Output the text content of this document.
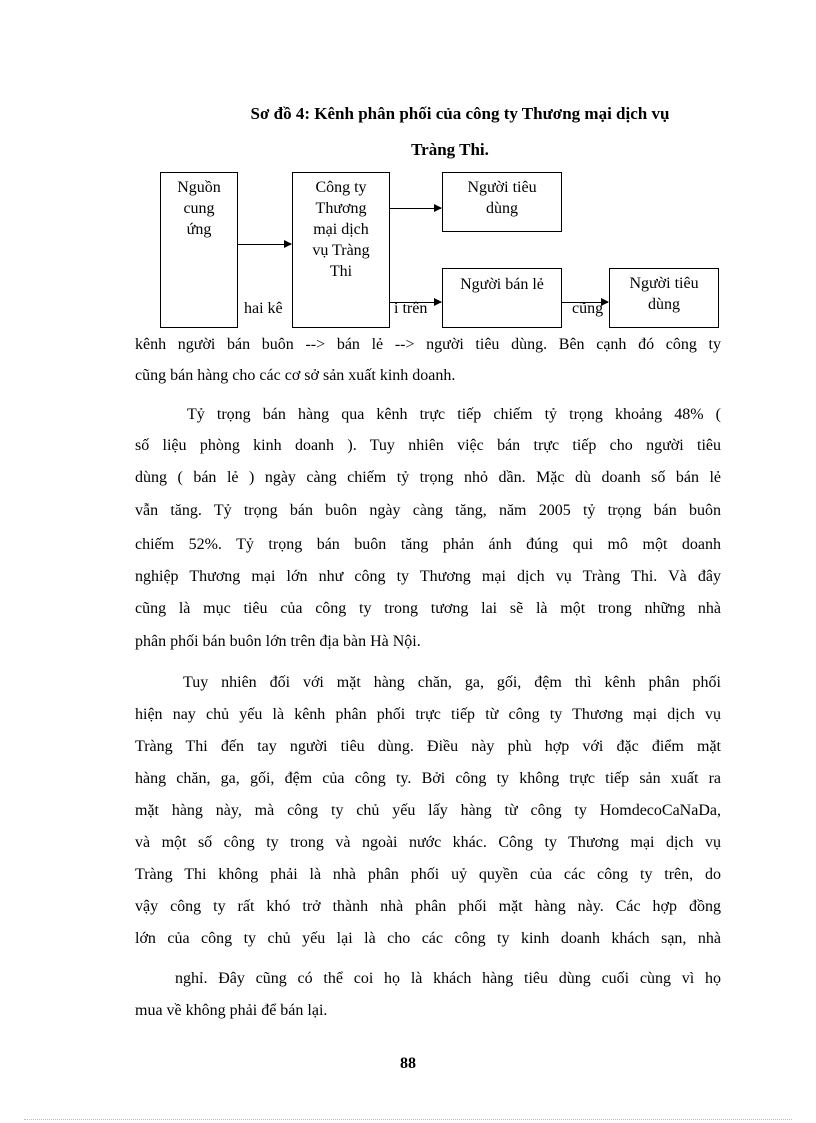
Sơ đồ 4: Kênh phân phối của công ty Thương mại dịch vụ
Tràng Thi.
Nguồn
cung
ứng
Công ty
Thương
mại dịch
vụ Tràng
Thi
Người tiêu
dùng
Người bán lẻ	Người tiêu
dùng
hai kê	i trên	cũng
kênh người bán buôn --> bán lẻ --> người tiêu dùng. Bên cạnh đó công ty
cũng bán hàng cho các cơ sở sản xuất kinh doanh.
Tỷ trọng bán hàng qua kênh trực tiếp chiếm tỷ trọng khoảng 48% (
số liệu phòng kinh doanh ). Tuy nhiên việc bán trực tiếp cho người tiêu
dùng ( bán lẻ ) ngày càng chiếm tỷ trọng nhỏ dần. Mặc dù doanh số bán lẻ
vẫn tăng. Tỷ trọng bán buôn ngày càng tăng, năm 2005 tỷ trọng bán buôn
chiếm 52%. Tỷ trọng bán buôn tăng phản ánh đúng qui mô một doanh
nghiệp Thương mại lớn như công ty Thương mại dịch vụ Tràng Thi. Và đây
cũng là mục tiêu của công ty trong tương lai sẽ là một trong những nhà
phân phối bán buôn lớn trên địa bàn Hà Nội.
Tuy nhiên đối với mặt hàng chăn, ga, gối, đệm thì kênh phân phối
hiện nay chủ yếu là kênh phân phối trực tiếp từ công ty Thương mại dịch vụ
Tràng Thi đến tay người tiêu dùng. Điều này phù hợp với đặc điểm mặt
hàng chăn, ga, gối, đệm của công ty. Bởi công ty không trực tiếp sản xuất ra
mặt hàng này, mà công ty chủ yếu lấy hàng từ công ty HomdecoCaNaDa,
và một số công ty trong và ngoài nước khác. Công ty Thương mại dịch vụ
Tràng Thi không phải là nhà phân phối uỷ quyền của các công ty trên, do
vậy công ty rất khó trở thành nhà phân phối mặt hàng này. Các hợp đồng
lớn của công ty chủ yếu lại là cho các công ty kinh doanh khách sạn, nhà
nghỉ. Đây cũng có thể coi họ là khách hàng tiêu dùng cuối cùng vì họ
mua về không phải để bán lại.
88
